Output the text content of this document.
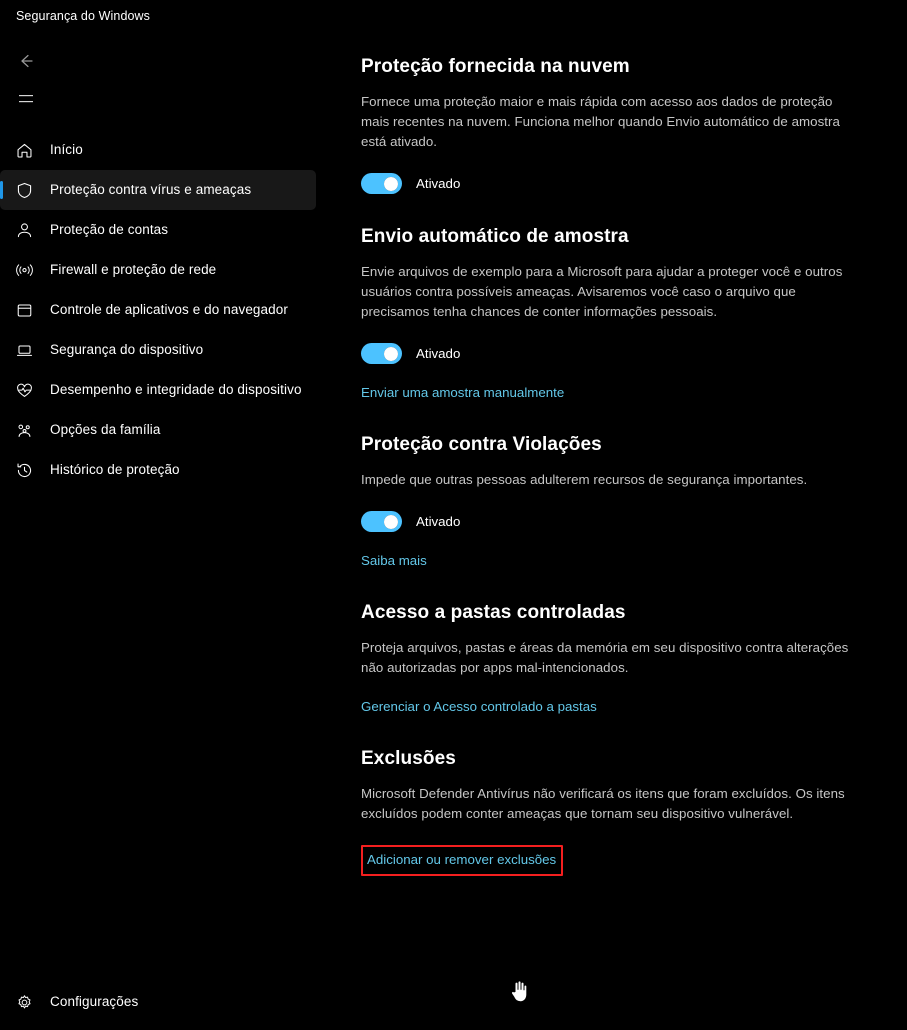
Segurança do Windows
Início
Proteção contra vírus e ameaças
Proteção de contas
Firewall e proteção de rede
Controle de aplicativos e do navegador
Segurança do dispositivo
Desempenho e integridade do dispositivo
Opções da família
Histórico de proteção
Configurações
Proteção fornecida na nuvem

Fornece uma proteção maior e mais rápida com acesso aos dados de proteção mais recentes na nuvem. Funciona melhor quando Envio automático de amostra está ativado.

Ativado
Envio automático de amostra

Envie arquivos de exemplo para a Microsoft para ajudar a proteger você e outros usuários contra possíveis ameaças. Avisaremos você caso o arquivo que precisamos tenha chances de conter informações pessoais.

Ativado
Enviar uma amostra manualmente
Proteção contra Violações

Impede que outras pessoas adulterem recursos de segurança importantes.

Ativado
Saiba mais
Acesso a pastas controladas

Proteja arquivos, pastas e áreas da memória em seu dispositivo contra alterações não autorizadas por apps mal-intencionados.

Gerenciar o Acesso controlado a pastas
Exclusões

Microsoft Defender Antivírus não verificará os itens que foram excluídos. Os itens excluídos podem conter ameaças que tornam seu dispositivo vulnerável.

Adicionar ou remover exclusões
